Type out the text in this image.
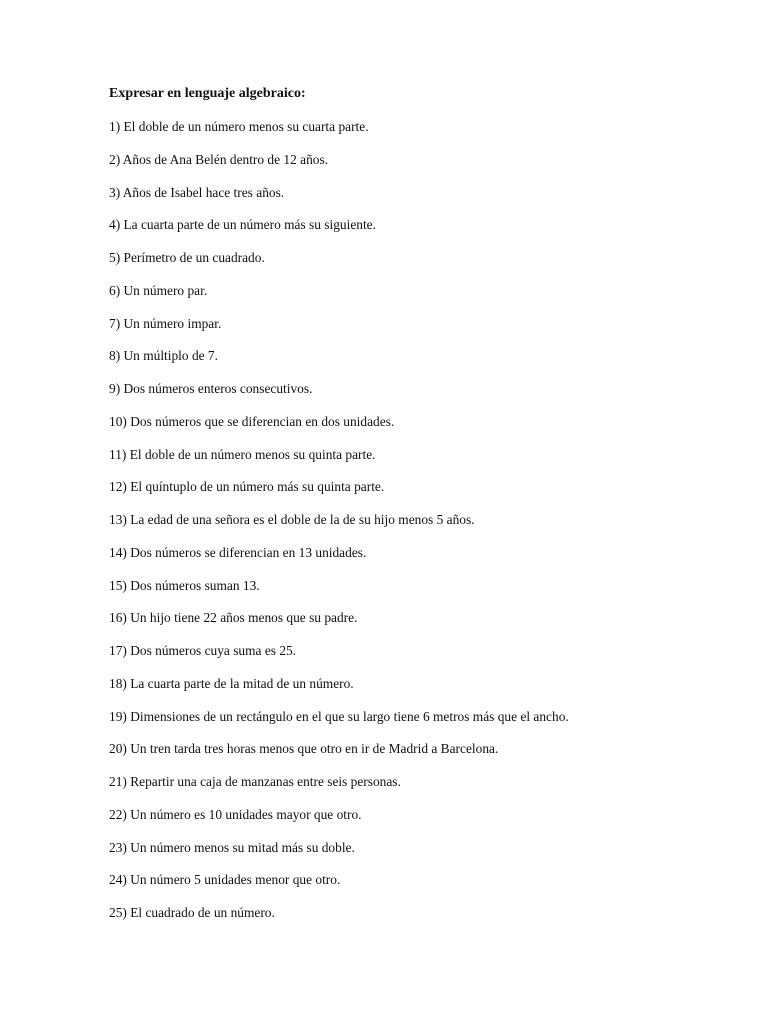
Expresar en lenguaje algebraico:
1) El doble de un número menos su cuarta parte.
2) Años de Ana Belén dentro de 12 años.
3) Años de Isabel hace tres años.
4) La cuarta parte de un número más su siguiente.
5) Perímetro de un cuadrado.
6) Un número par.
7) Un número impar.
8) Un múltiplo de 7.
9) Dos números enteros consecutivos.
10) Dos números que se diferencian en dos unidades.
11) El doble de un número menos su quinta parte.
12) El quíntuplo de un número más su quinta parte.
13) La edad de una señora es el doble de la de su hijo menos 5 años.
14) Dos números se diferencian en 13 unidades.
15) Dos números suman 13.
16) Un hijo tiene 22 años menos que su padre.
17) Dos números cuya suma es 25.
18) La cuarta parte de la mitad de un número.
19) Dimensiones de un rectángulo en el que su largo tiene 6 metros más que el ancho.
20) Un tren tarda tres horas menos que otro en ir de Madrid a Barcelona.
21) Repartir una caja de manzanas entre seis personas.
22) Un número es 10 unidades mayor que otro.
23) Un número menos su mitad más su doble.
24) Un número 5 unidades menor que otro.
25) El cuadrado de un número.
